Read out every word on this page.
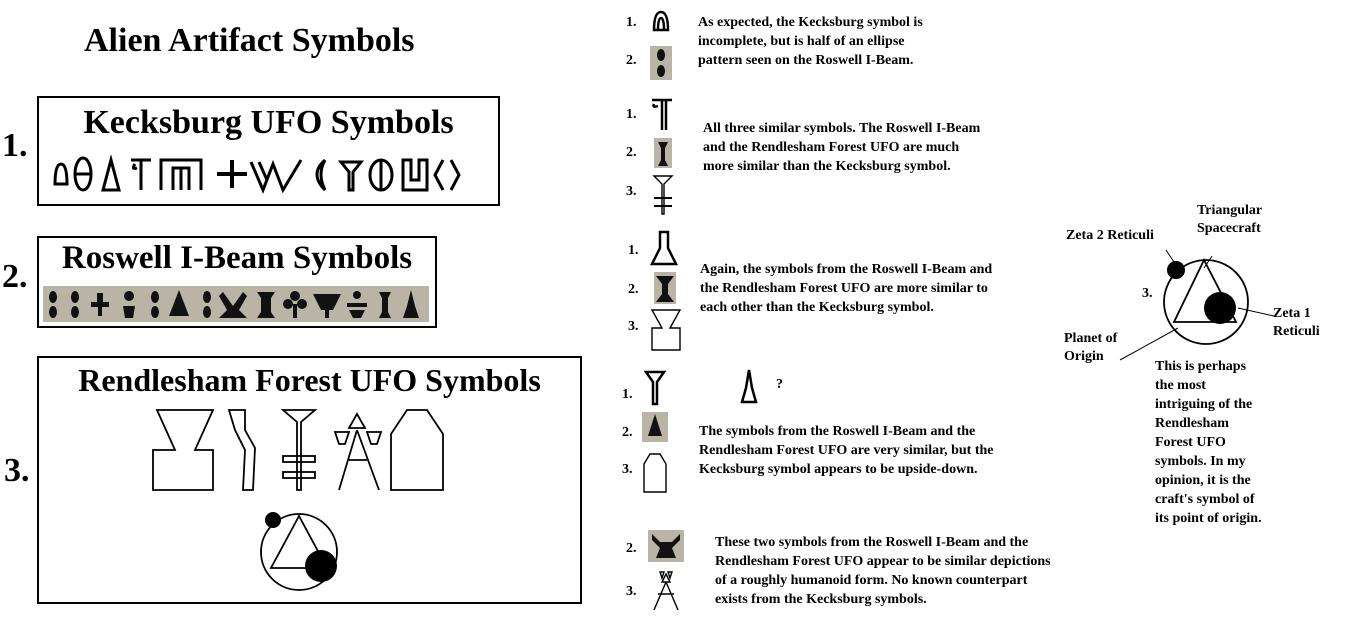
Alien Artifact Symbols
1.
Kecksburg UFO Symbols
2.	Roswell I-Beam Symbols
3.
Rendlesham Forest UFO Symbols
1.
2.
As expected, the Kecksburg symbol is
incomplete, but is half of an ellipse
pattern seen on the Roswell I-Beam.
1.
2.
3.
All three similar symbols. The Roswell I-Beam
and the Rendlesham Forest UFO are much
more similar than the Kecksburg symbol.
1.
2.
3.
Again, the symbols from the Roswell I-Beam and
the Rendlesham Forest UFO are more similar to
each other than the Kecksburg symbol.
1.
2.
3.
?
The symbols from the Roswell I-Beam and the
Rendlesham Forest UFO are very similar, but the
Kecksburg symbol appears to be upside-down.
2.
3.
These two symbols from the Roswell I-Beam and the
Rendlesham Forest UFO appear to be similar depictions
of a roughly humanoid form. No known counterpart
exists from the Kecksburg symbols.
3.
Triangular
Spacecraft
Zeta 2 Reticuli
Zeta 1
Reticuli
Planet of
Origin
This is perhaps
the most
intriguing of the
Rendlesham
Forest UFO
symbols. In my
opinion, it is the
craft's symbol of
its point of origin.
